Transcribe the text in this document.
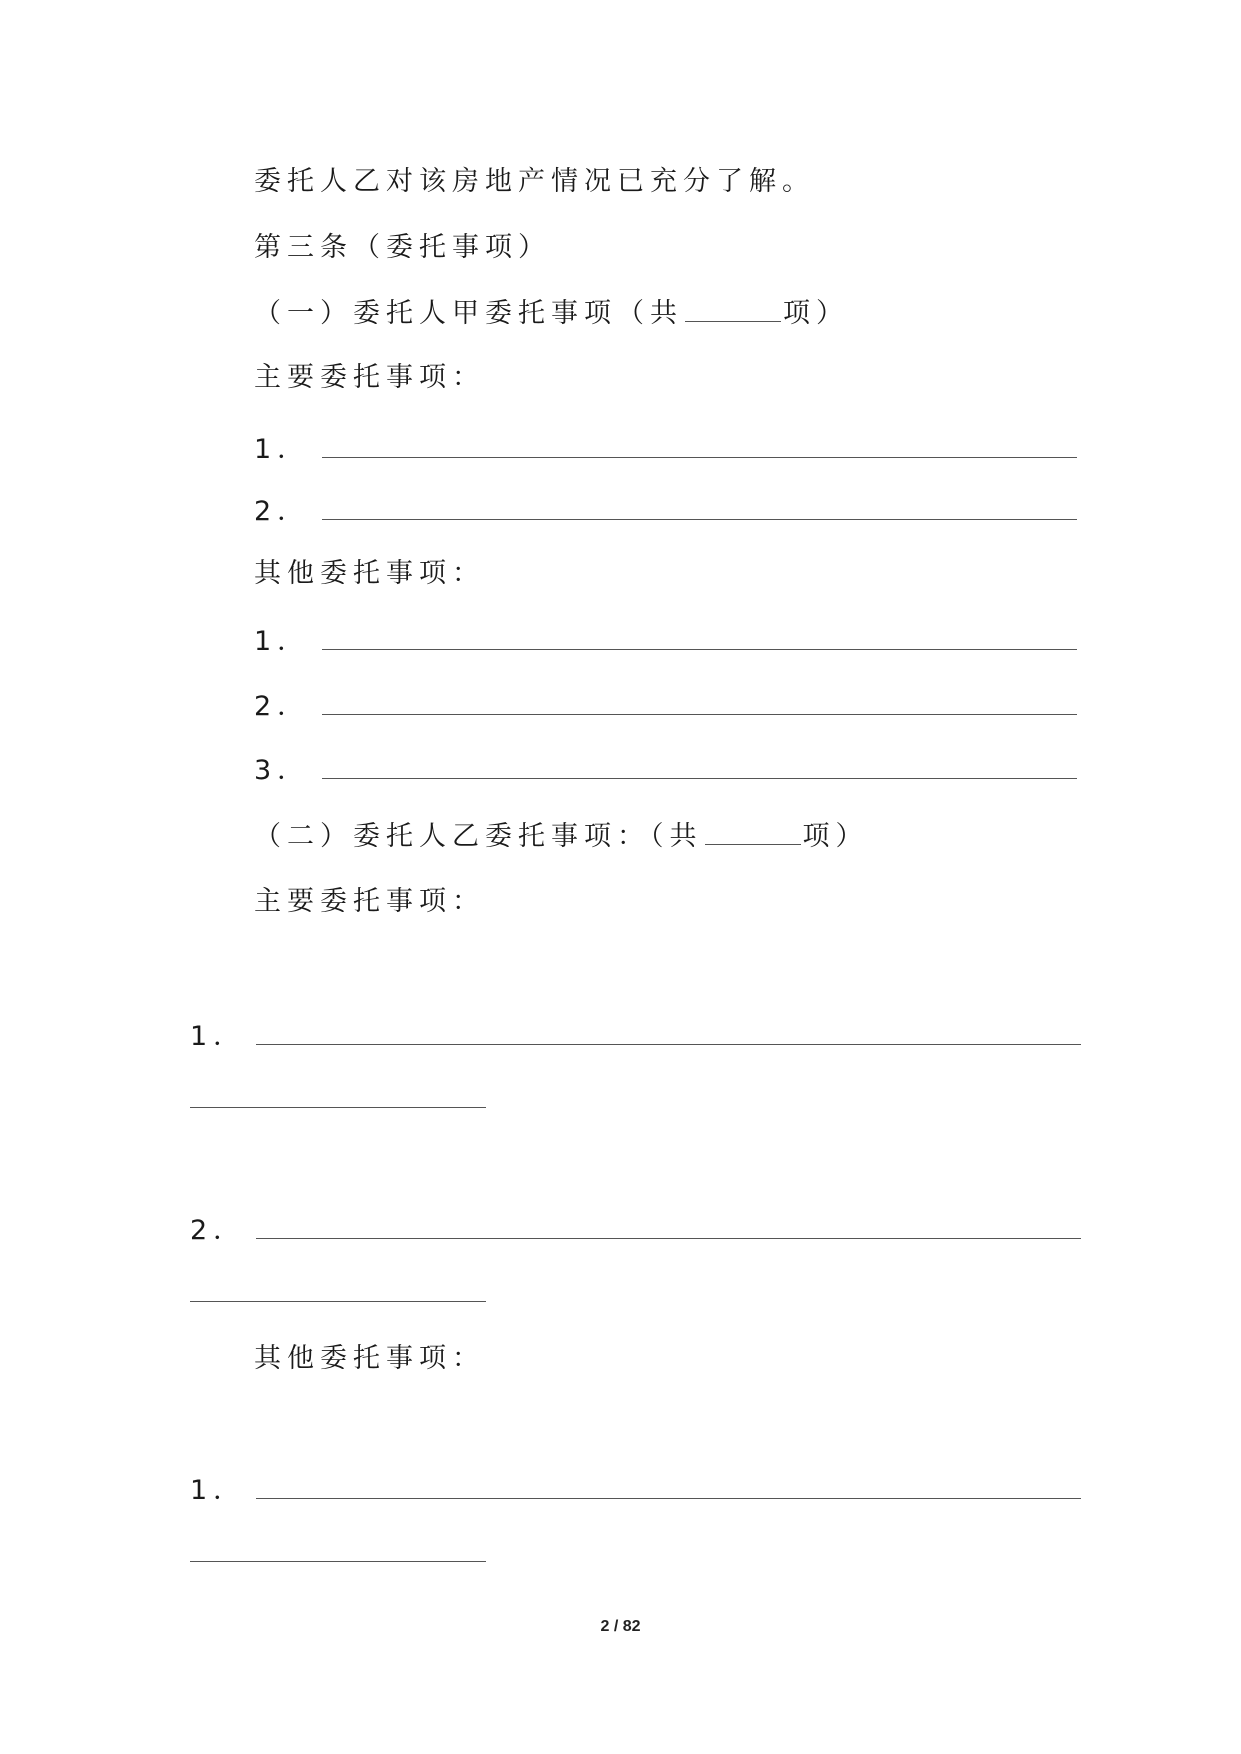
委托人乙对该房地产情况已充分了解。
第三条（委托事项）
（一）委托人甲委托事项（共	项）
主要委托事项：
1．
2．
其他委托事项：
1．
2．
3．
（二）委托人乙委托事项：（共	项）
主要委托事项：
1．
2．
其他委托事项：
1．
2 / 82
